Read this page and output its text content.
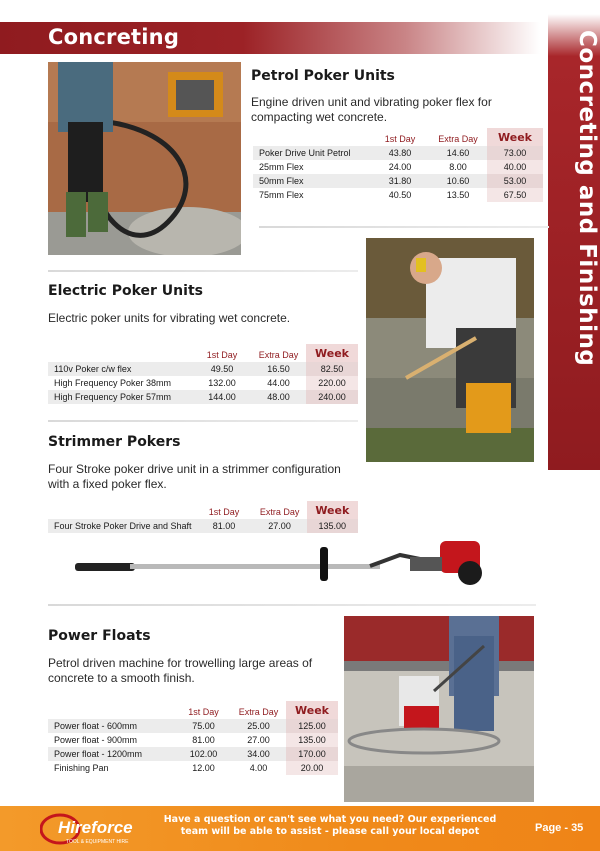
Concreting	Concreting and Finishing
Petrol Poker Units
Engine driven unit and vibrating poker flex for compacting wet concrete.
	1st Day	Extra Day	Week
Poker Drive Unit Petrol	43.80	14.60	73.00
25mm Flex	24.00	8.00	40.00
50mm Flex	31.80	10.60	53.00
75mm Flex	40.50	13.50	67.50
Electric Poker Units
Electric poker units for vibrating wet concrete.
	1st Day	Extra Day	Week
110v Poker c/w flex	49.50	16.50	82.50
High Frequency Poker 38mm	132.00	44.00	220.00
High Frequency Poker 57mm	144.00	48.00	240.00
Strimmer Pokers
Four Stroke poker drive unit in a strimmer configuration with a fixed poker flex.
	1st Day	Extra Day	Week
Four Stroke Poker Drive and Shaft	81.00	27.00	135.00
Power Floats
Petrol driven machine for trowelling large areas of concrete to a smooth finish.
	1st Day	Extra Day	Week
Power float - 600mm	75.00	25.00	125.00
Power float - 900mm	81.00	27.00	135.00
Power float - 1200mm	102.00	34.00	170.00
Finishing Pan	12.00	4.00	20.00
Hireforce
TOOL & EQUIPMENT HIRE
Have a question or can't see what you need? Our experienced
team will be able to assist - please call your local depot	Page - 35
